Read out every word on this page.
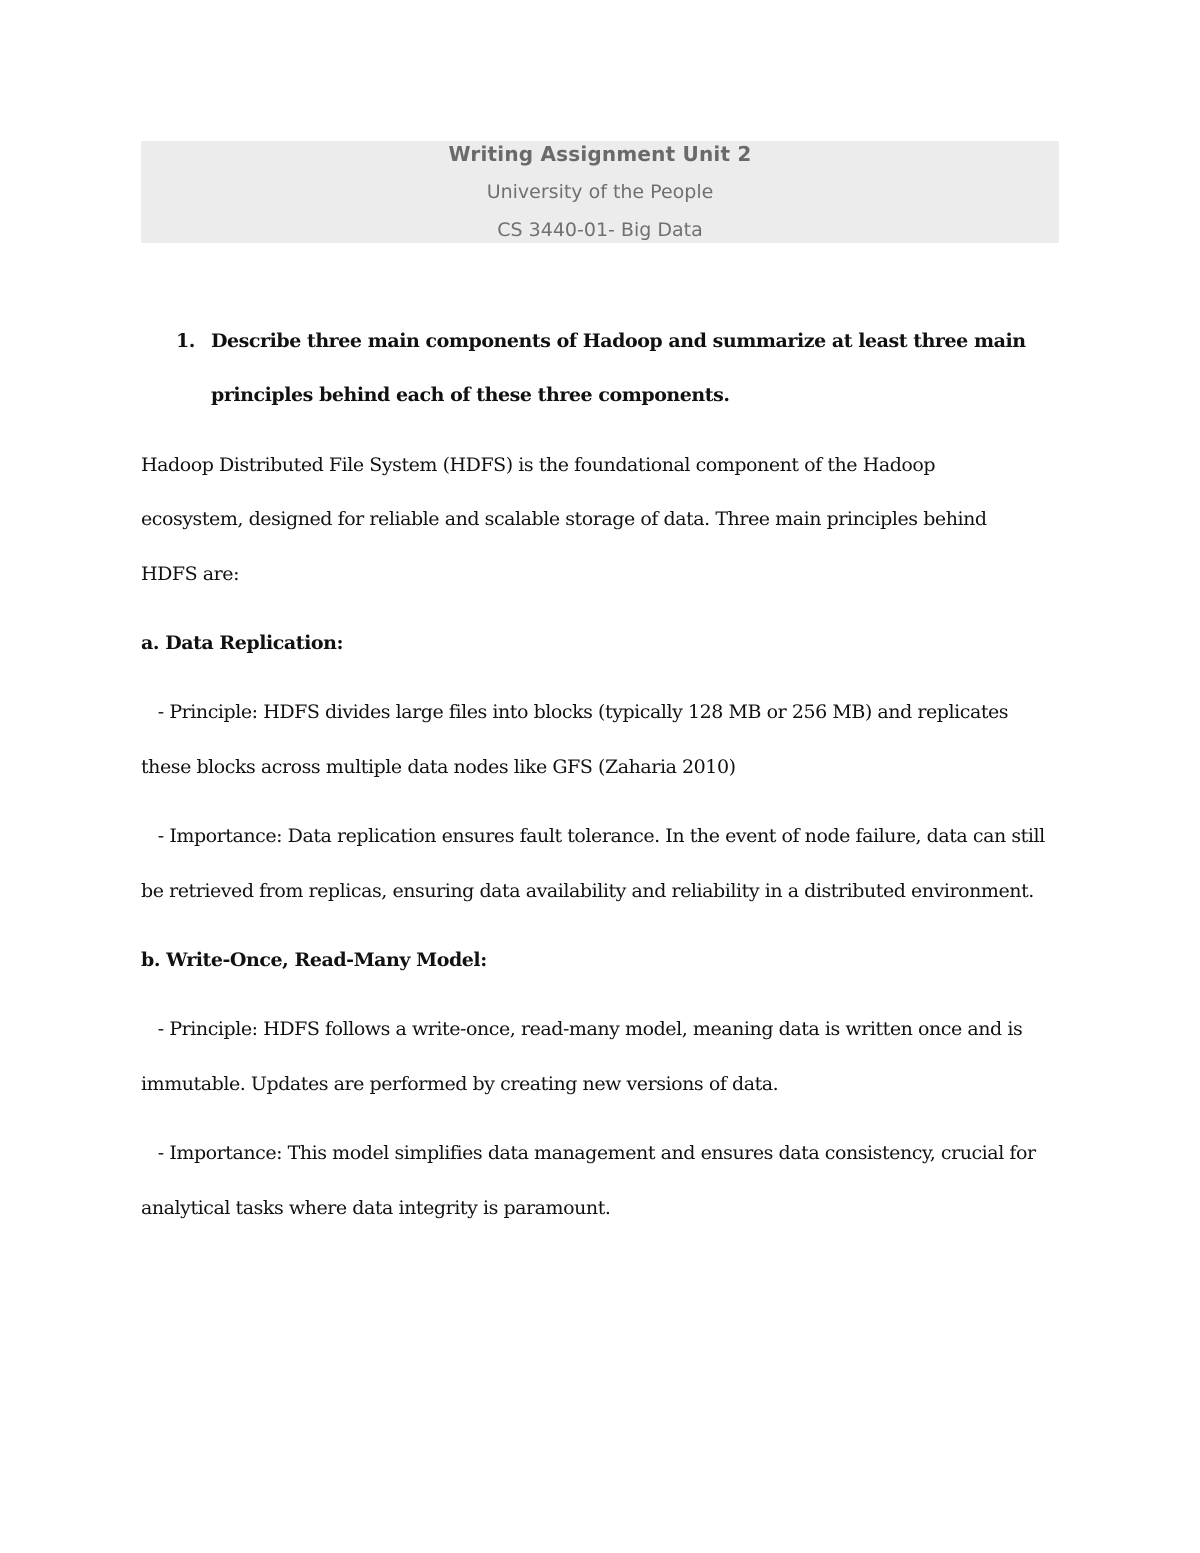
Writing Assignment Unit 2
University of the People
CS 3440-01- Big Data
1. Describe three main components of Hadoop and summarize at least three main
principles behind each of these three components.
Hadoop Distributed File System (HDFS) is the foundational component of the Hadoop
ecosystem, designed for reliable and scalable storage of data. Three main principles behind
HDFS are:
a. Data Replication:
- Principle: HDFS divides large files into blocks (typically 128 MB or 256 MB) and replicates
these blocks across multiple data nodes like GFS (Zaharia 2010)
- Importance: Data replication ensures fault tolerance. In the event of node failure, data can still
be retrieved from replicas, ensuring data availability and reliability in a distributed environment.
b. Write-Once, Read-Many Model:
- Principle: HDFS follows a write-once, read-many model, meaning data is written once and is
immutable. Updates are performed by creating new versions of data.
- Importance: This model simplifies data management and ensures data consistency, crucial for
analytical tasks where data integrity is paramount.
